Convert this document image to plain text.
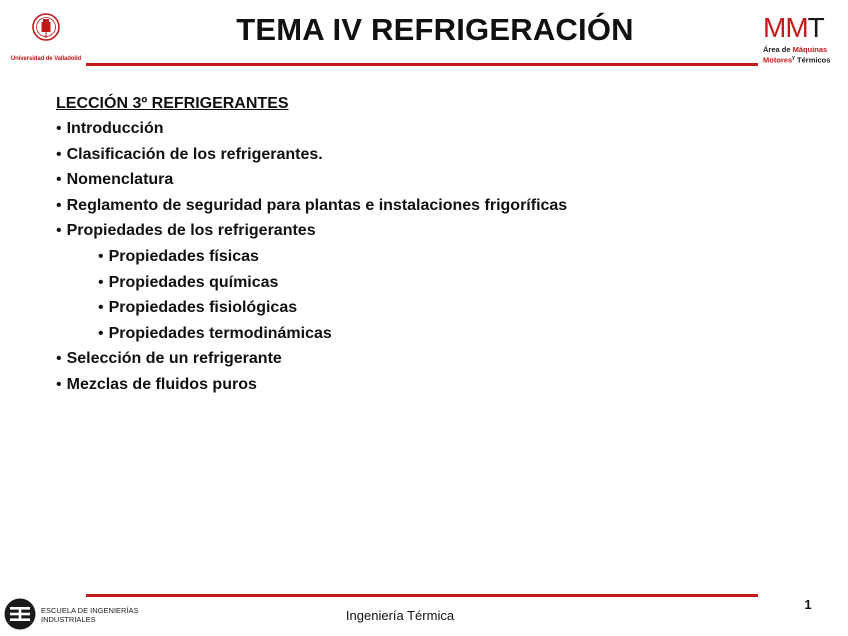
Universidad de Valladolid
TEMA IV REFRIGERACIÓN	MMT
Área de Máquinas
Motores$^y$ Térmicos
LECCIÓN 3º REFRIGERANTES
• Introducción
• Clasificación de los refrigerantes.
• Nomenclatura
• Reglamento de seguridad para plantas e instalaciones frigoríficas
• Propiedades de los refrigerantes
• Propiedades físicas
• Propiedades químicas
• Propiedades fisiológicas
• Propiedades termodinámicas
• Selección de un refrigerante
• Mezclas de fluidos puros
ESCUELA DE INGENIERÍAS
INDUSTRIALES	Ingeniería Térmica
1
